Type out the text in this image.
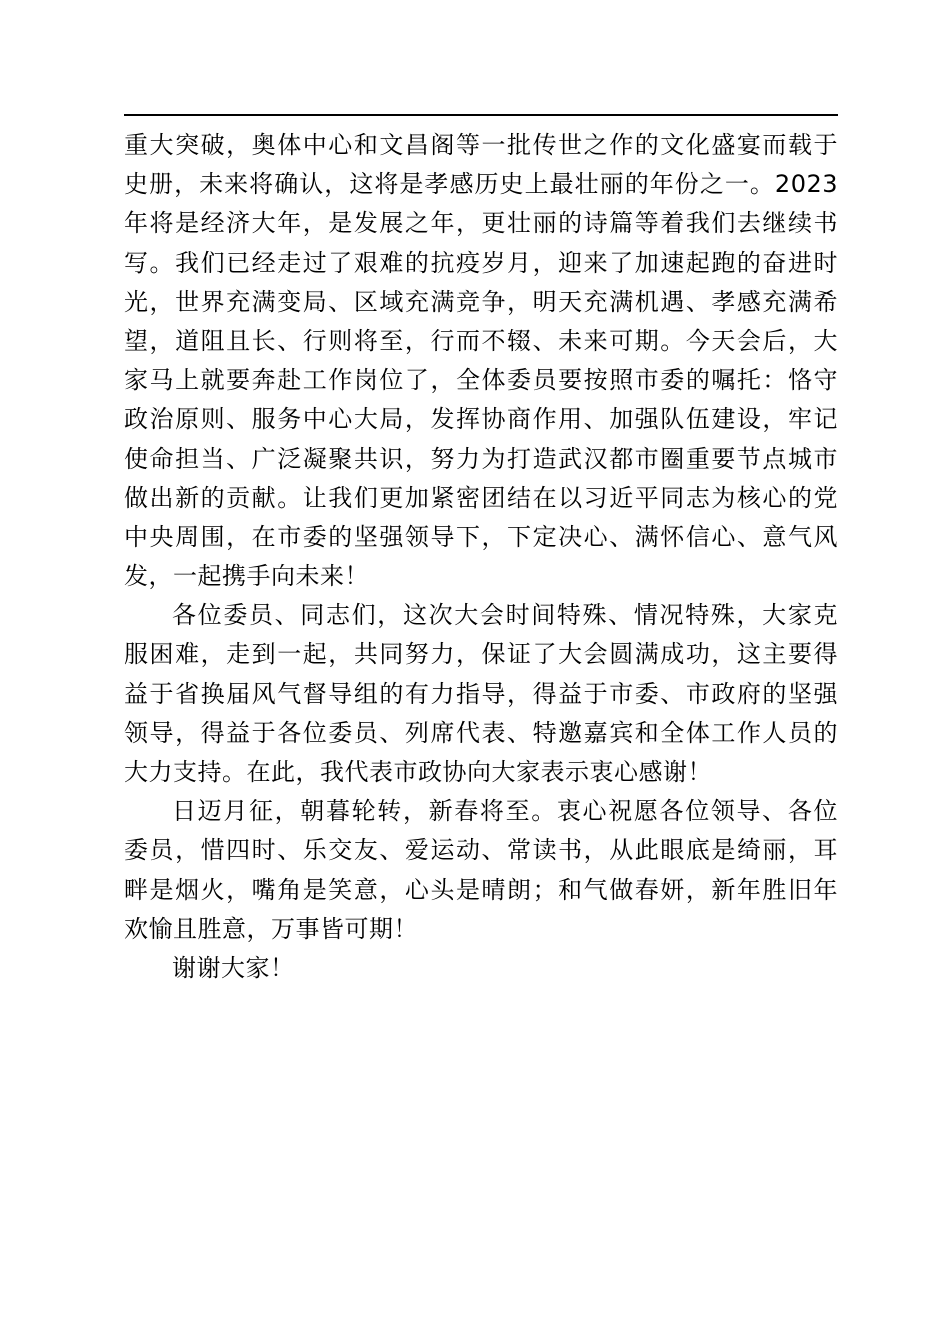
重大突破，奥体中心和文昌阁等一批传世之作的文化盛宴而载于
史册，未来将确认，这将是孝感历史上最壮丽的年份之一。2023
年将是经济大年，是发展之年，更壮丽的诗篇等着我们去继续书
写。我们已经走过了艰难的抗疫岁月，迎来了加速起跑的奋进时
光，世界充满变局、区域充满竞争，明天充满机遇、孝感充满希
望，道阻且长、行则将至，行而不辍、未来可期。今天会后，大
家马上就要奔赴工作岗位了，全体委员要按照市委的嘱托：恪守
政治原则、服务中心大局，发挥协商作用、加强队伍建设，牢记
使命担当、广泛凝聚共识，努力为打造武汉都市圈重要节点城市
做出新的贡献。让我们更加紧密团结在以习近平同志为核心的党
中央周围，在市委的坚强领导下，下定决心、满怀信心、意气风
发，一起携手向未来！
各位委员、同志们，这次大会时间特殊、情况特殊，大家克
服困难，走到一起，共同努力，保证了大会圆满成功，这主要得
益于省换届风气督导组的有力指导，得益于市委、市政府的坚强
领导，得益于各位委员、列席代表、特邀嘉宾和全体工作人员的
大力支持。在此，我代表市政协向大家表示衷心感谢！
日迈月征，朝暮轮转，新春将至。衷心祝愿各位领导、各位
委员，惜四时、乐交友、爱运动、常读书，从此眼底是绮丽，耳
畔是烟火，嘴角是笑意，心头是晴朗；和气做春妍，新年胜旧年
欢愉且胜意，万事皆可期！
谢谢大家！
